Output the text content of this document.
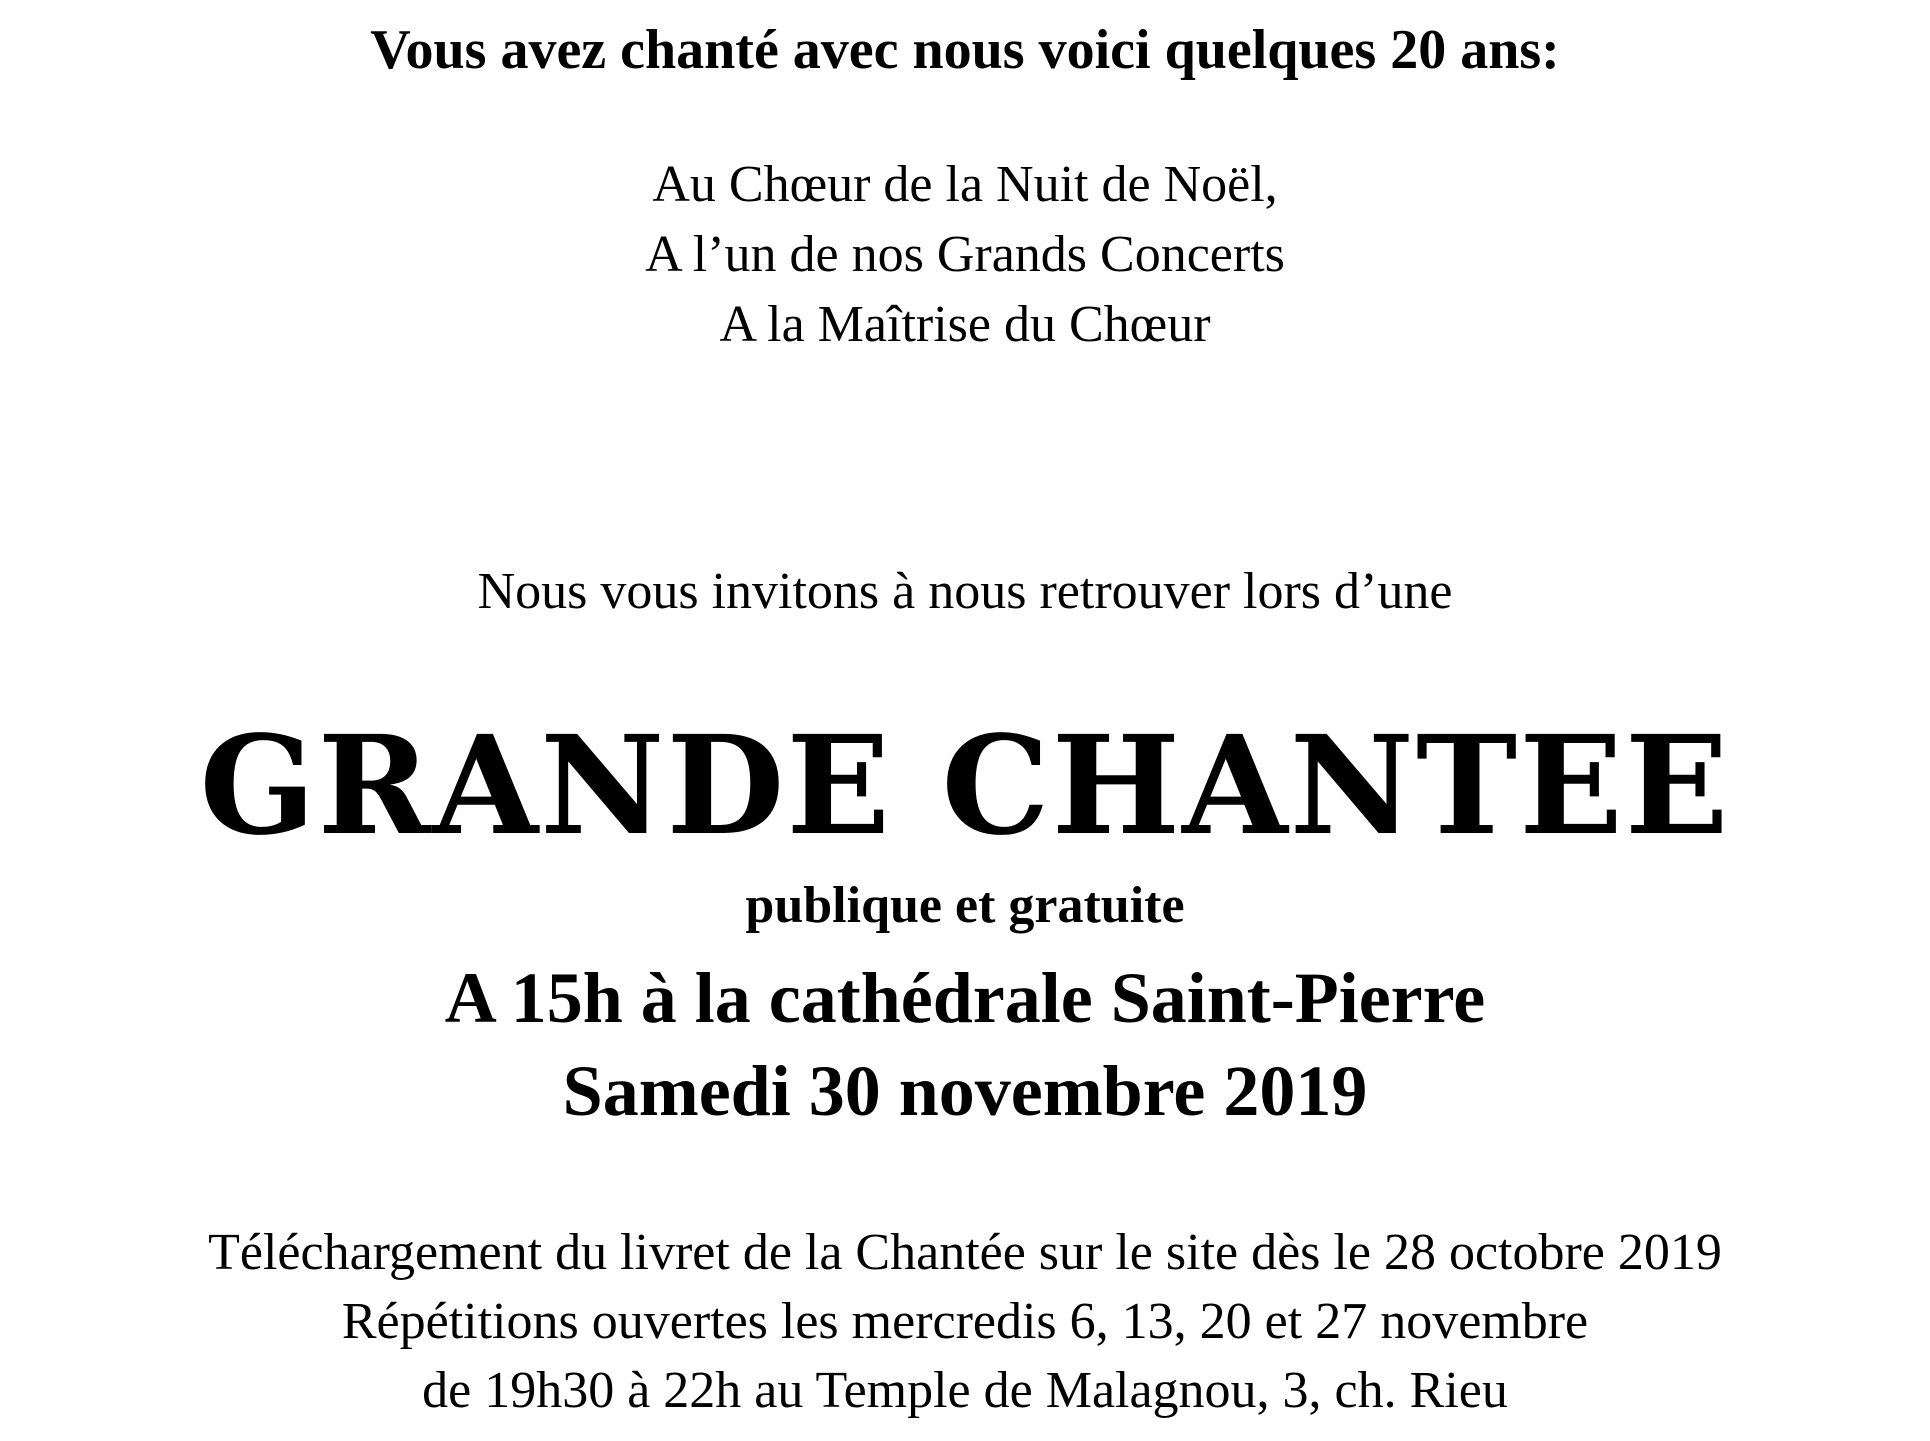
Vous avez chanté avec nous voici quelques 20 ans:
Au Chœur de la Nuit de Noël,
A l’un de nos Grands Concerts
A la Maîtrise du Chœur
Nous vous invitons à nous retrouver lors d’une
GRANDE CHANTEE
publique et gratuite
A 15h à la cathédrale Saint-Pierre
Samedi 30 novembre 2019
Téléchargement du livret de la Chantée sur le site dès le 28 octobre 2019
Répétitions ouvertes les mercredis 6, 13, 20 et 27 novembre
de 19h30 à 22h au Temple de Malagnou, 3, ch. Rieu
